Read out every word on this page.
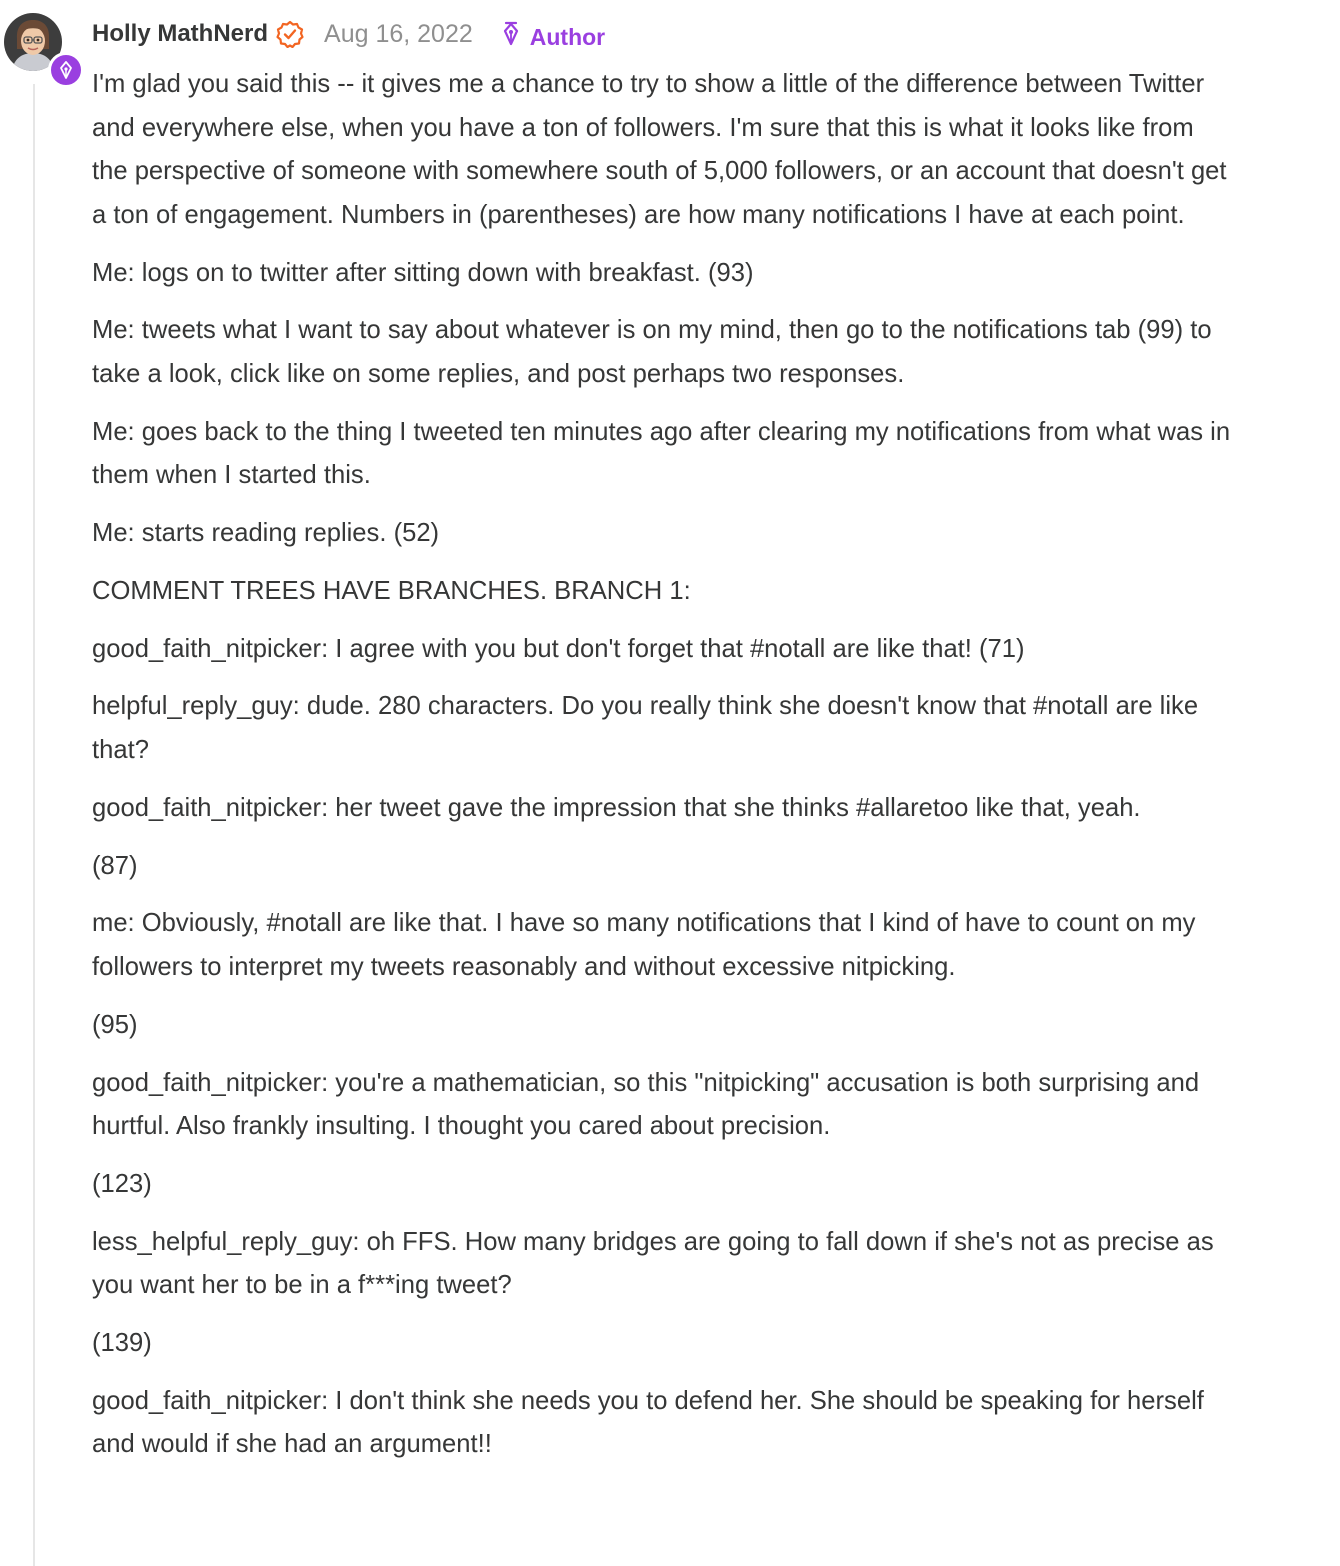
Holly MathNerd Aug 16, 2022 Author

I'm glad you said this -- it gives me a chance to try to show a little of the difference between Twitter and everywhere else, when you have a ton of followers. I'm sure that this is what it looks like from the perspective of someone with somewhere south of 5,000 followers, or an account that doesn't get a ton of engagement. Numbers in (parentheses) are how many notifications I have at each point.

Me: logs on to twitter after sitting down with breakfast. (93)

Me: tweets what I want to say about whatever is on my mind, then go to the notifications tab (99) to take a look, click like on some replies, and post perhaps two responses.

Me: goes back to the thing I tweeted ten minutes ago after clearing my notifications from what was in them when I started this.

Me: starts reading replies. (52)

COMMENT TREES HAVE BRANCHES. BRANCH 1:

good_faith_nitpicker: I agree with you but don't forget that #notall are like that! (71)

helpful_reply_guy: dude. 280 characters. Do you really think she doesn't know that #notall are like that?

good_faith_nitpicker: her tweet gave the impression that she thinks #allaretoo like that, yeah.

(87)

me: Obviously, #notall are like that. I have so many notifications that I kind of have to count on my followers to interpret my tweets reasonably and without excessive nitpicking.

(95)

good_faith_nitpicker: you're a mathematician, so this "nitpicking" accusation is both surprising and hurtful. Also frankly insulting. I thought you cared about precision.

(123)

less_helpful_reply_guy: oh FFS. How many bridges are going to fall down if she's not as precise as you want her to be in a f***ing tweet?

(139)

good_faith_nitpicker: I don't think she needs you to defend her. She should be speaking for herself and would if she had an argument!!
